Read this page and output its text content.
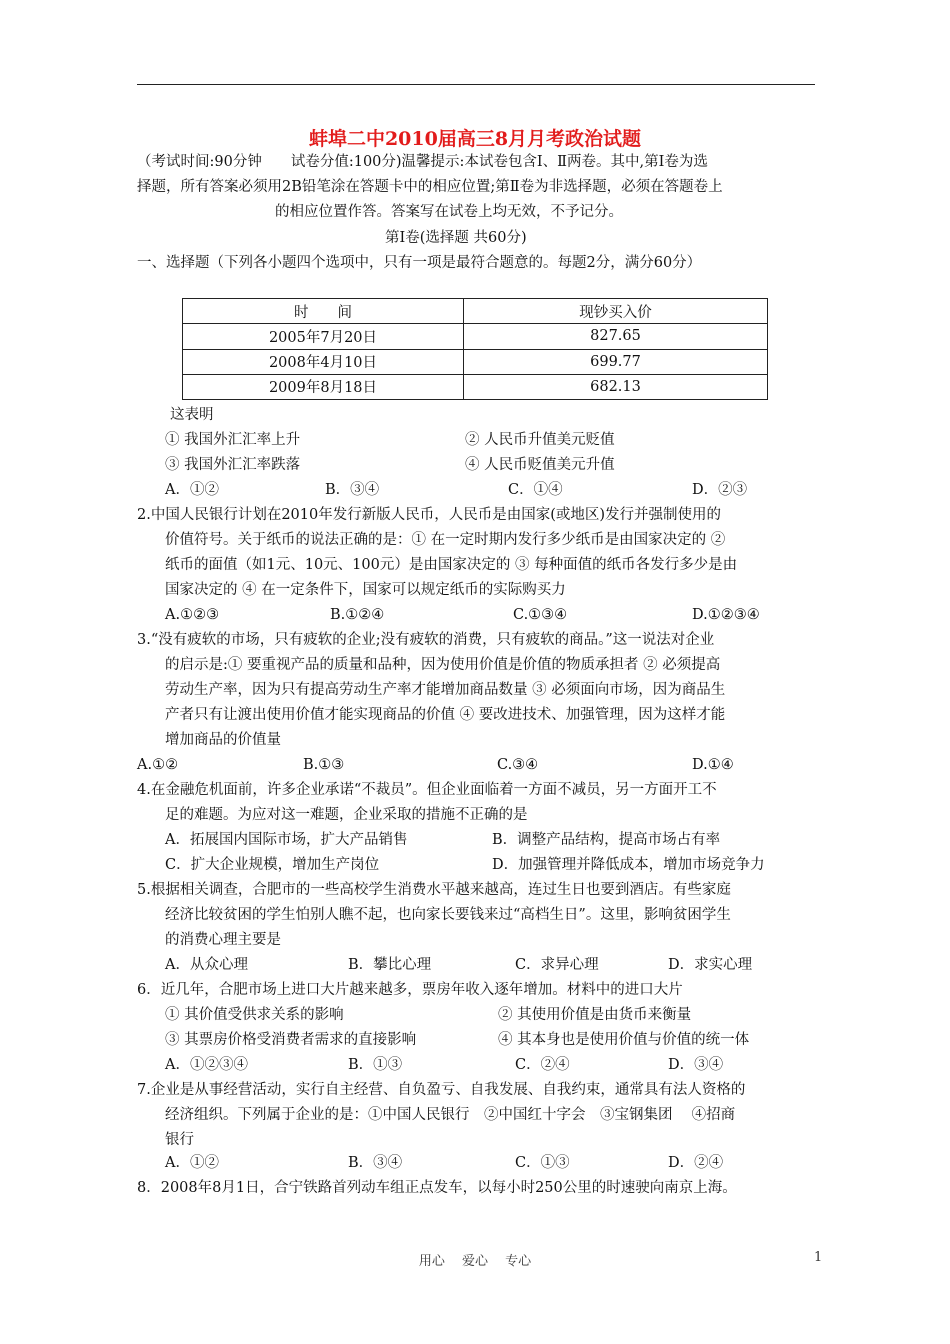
蚌埠二中2010届高三8月月考政治试题
（考试时间:90分钟　　试卷分值:100分)温馨提示:本试卷包含Ⅰ、Ⅱ两卷。其中,第Ⅰ卷为选
择题，所有答案必须用2B铅笔涂在答题卡中的相应位置;第Ⅱ卷为非选择题，必须在答题卷上
的相应位置作答。答案写在试卷上均无效，不予记分。
第Ⅰ卷(选择题 共60分)
一、选择题（下列各小题四个选项中，只有一项是最符合题意的。每题2分，满分60分）
时　　间	现钞买入价
2005年7月20日	827.65
2008年4月10日	699.77
2009年8月18日	682.13
这表明
① 我国外汇汇率上升	② 人民币升值美元贬值
③ 我国外汇汇率跌落	④ 人民币贬值美元升值
A．①②	B．③④	C．①④	D．②③
2.中国人民银行计划在2010年发行新版人民币，人民币是由国家(或地区)发行并强制使用的
价值符号。关于纸币的说法正确的是：① 在一定时期内发行多少纸币是由国家决定的 ②
纸币的面值（如1元、10元、100元）是由国家决定的 ③ 每种面值的纸币各发行多少是由
国家决定的 ④ 在一定条件下，国家可以规定纸币的实际购买力
A.①②③	B.①②④	C.①③④	D.①②③④
3.“没有疲软的市场，只有疲软的企业;没有疲软的消费，只有疲软的商品。”这一说法对企业
的启示是:① 要重视产品的质量和品种，因为使用价值是价值的物质承担者 ② 必须提高
劳动生产率，因为只有提高劳动生产率才能增加商品数量 ③ 必须面向市场，因为商品生
产者只有让渡出使用价值才能实现商品的价值 ④ 要改进技术、加强管理，因为这样才能
增加商品的价值量
A.①②	B.①③	C.③④	D.①④
4.在金融危机面前，许多企业承诺“不裁员”。但企业面临着一方面不减员，另一方面开工不
足的难题。为应对这一难题，企业采取的措施不正确的是
A．拓展国内国际市场，扩大产品销售	B．调整产品结构，提高市场占有率
C．扩大企业规模，增加生产岗位	D．加强管理并降低成本，增加市场竞争力
5.根据相关调查，合肥市的一些高校学生消费水平越来越高，连过生日也要到酒店。有些家庭
经济比较贫困的学生怕别人瞧不起，也向家长要钱来过“高档生日”。这里，影响贫困学生
的消费心理主要是
A．从众心理	B．攀比心理	C．求异心理	D．求实心理
6．近几年，合肥市场上进口大片越来越多，票房年收入逐年增加。材料中的进口大片
① 其价值受供求关系的影响	② 其使用价值是由货币来衡量
③ 其票房价格受消费者需求的直接影响	④ 其本身也是使用价值与价值的统一体
A．①②③④	B．①③	C．②④	D．③④
7.企业是从事经营活动，实行自主经营、自负盈亏、自我发展、自我约束，通常具有法人资格的
经济组织。下列属于企业的是：①中国人民银行　②中国红十字会　③宝钢集团　 ④招商
银行
A．①②	B．③④	C．①③	D．②④
8．2008年8月1日，合宁铁路首列动车组正点发车，以每小时250公里的时速驶向南京上海。
用心　 爱心　 专心	1
